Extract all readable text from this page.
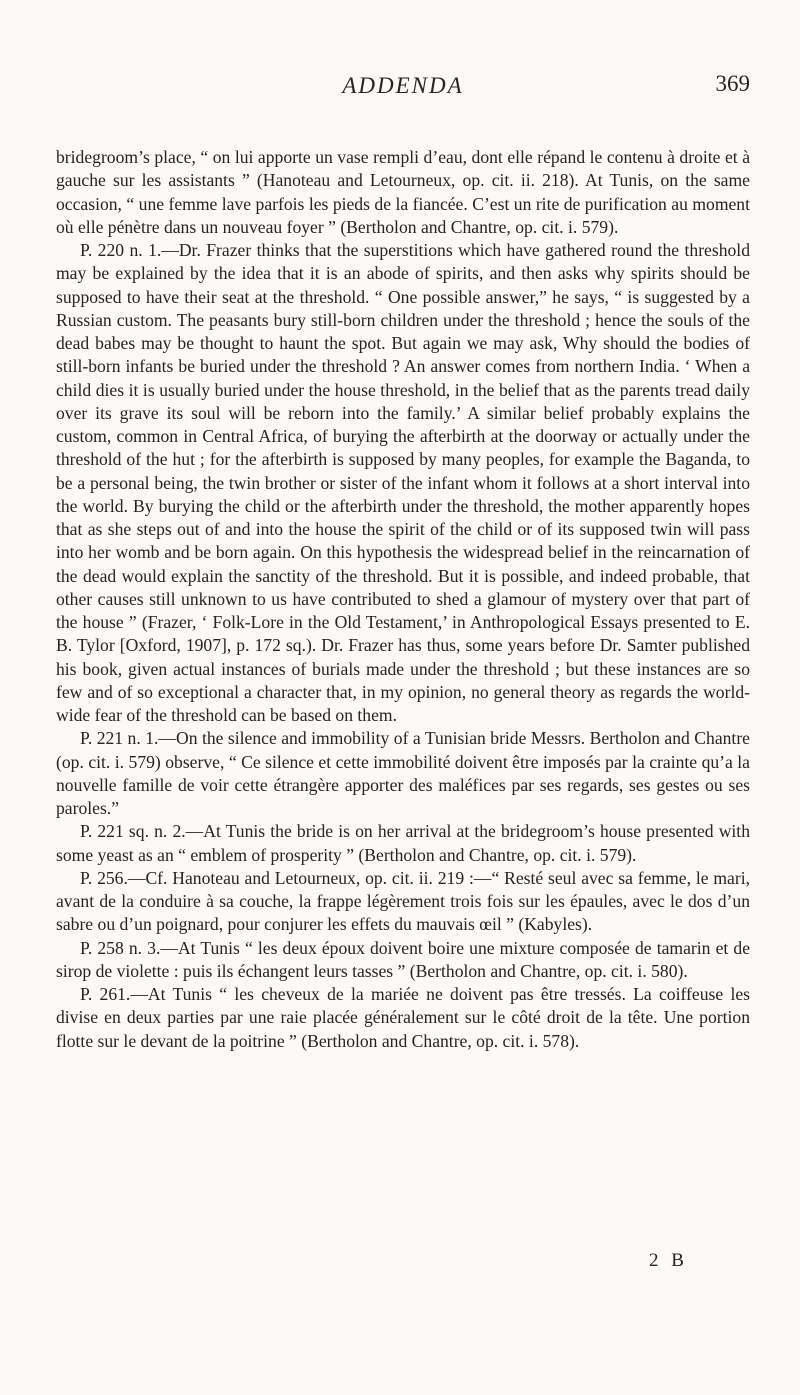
ADDENDA	369

bridegroom’s place, “ on lui apporte un vase rempli d’eau, dont elle répand le contenu à droite et à gauche sur les assistants ” (Hanoteau and Letourneux, op. cit. ii. 218). At Tunis, on the same occasion, “ une femme lave parfois les pieds de la fiancée. C’est un rite de purification au moment où elle pénètre dans un nouveau foyer ” (Bertholon and Chantre, op. cit. i. 579).

P. 220 n. 1.—Dr. Frazer thinks that the superstitions which have gathered round the threshold may be explained by the idea that it is an abode of spirits, and then asks why spirits should be supposed to have their seat at the threshold. “ One possible answer,” he says, “ is suggested by a Russian custom. The peasants bury still-born children under the threshold ; hence the souls of the dead babes may be thought to haunt the spot. But again we may ask, Why should the bodies of still-born infants be buried under the threshold ? An answer comes from northern India. ‘ When a child dies it is usually buried under the house threshold, in the belief that as the parents tread daily over its grave its soul will be reborn into the family.’ A similar belief probably explains the custom, common in Central Africa, of burying the afterbirth at the doorway or actually under the threshold of the hut ; for the afterbirth is supposed by many peoples, for example the Baganda, to be a personal being, the twin brother or sister of the infant whom it follows at a short interval into the world. By burying the child or the afterbirth under the threshold, the mother apparently hopes that as she steps out of and into the house the spirit of the child or of its supposed twin will pass into her womb and be born again. On this hypothesis the widespread belief in the reincarnation of the dead would explain the sanctity of the threshold. But it is possible, and indeed probable, that other causes still unknown to us have contributed to shed a glamour of mystery over that part of the house ” (Frazer, ‘ Folk-Lore in the Old Testament,’ in Anthropological Essays presented to E. B. Tylor [Oxford, 1907], p. 172 sq.). Dr. Frazer has thus, some years before Dr. Samter published his book, given actual instances of burials made under the threshold ; but these instances are so few and of so exceptional a character that, in my opinion, no general theory as regards the world-wide fear of the threshold can be based on them.

P. 221 n. 1.—On the silence and immobility of a Tunisian bride Messrs. Bertholon and Chantre (op. cit. i. 579) observe, “ Ce silence et cette immobilité doivent être imposés par la crainte qu’a la nouvelle famille de voir cette étrangère apporter des maléfices par ses regards, ses gestes ou ses paroles.”

P. 221 sq. n. 2.—At Tunis the bride is on her arrival at the bridegroom’s house presented with some yeast as an “ emblem of prosperity ” (Bertholon and Chantre, op. cit. i. 579).

P. 256.—Cf. Hanoteau and Letourneux, op. cit. ii. 219 :—“ Resté seul avec sa femme, le mari, avant de la conduire à sa couche, la frappe légèrement trois fois sur les épaules, avec le dos d’un sabre ou d’un poignard, pour conjurer les effets du mauvais œil ” (Kabyles).

P. 258 n. 3.—At Tunis “ les deux époux doivent boire une mixture composée de tamarin et de sirop de violette : puis ils échangent leurs tasses ” (Bertholon and Chantre, op. cit. i. 580).

P. 261.—At Tunis “ les cheveux de la mariée ne doivent pas être tressés. La coiffeuse les divise en deux parties par une raie placée généralement sur le côté droit de la tête. Une portion flotte sur le devant de la poitrine ” (Bertholon and Chantre, op. cit. i. 578).

2 B
